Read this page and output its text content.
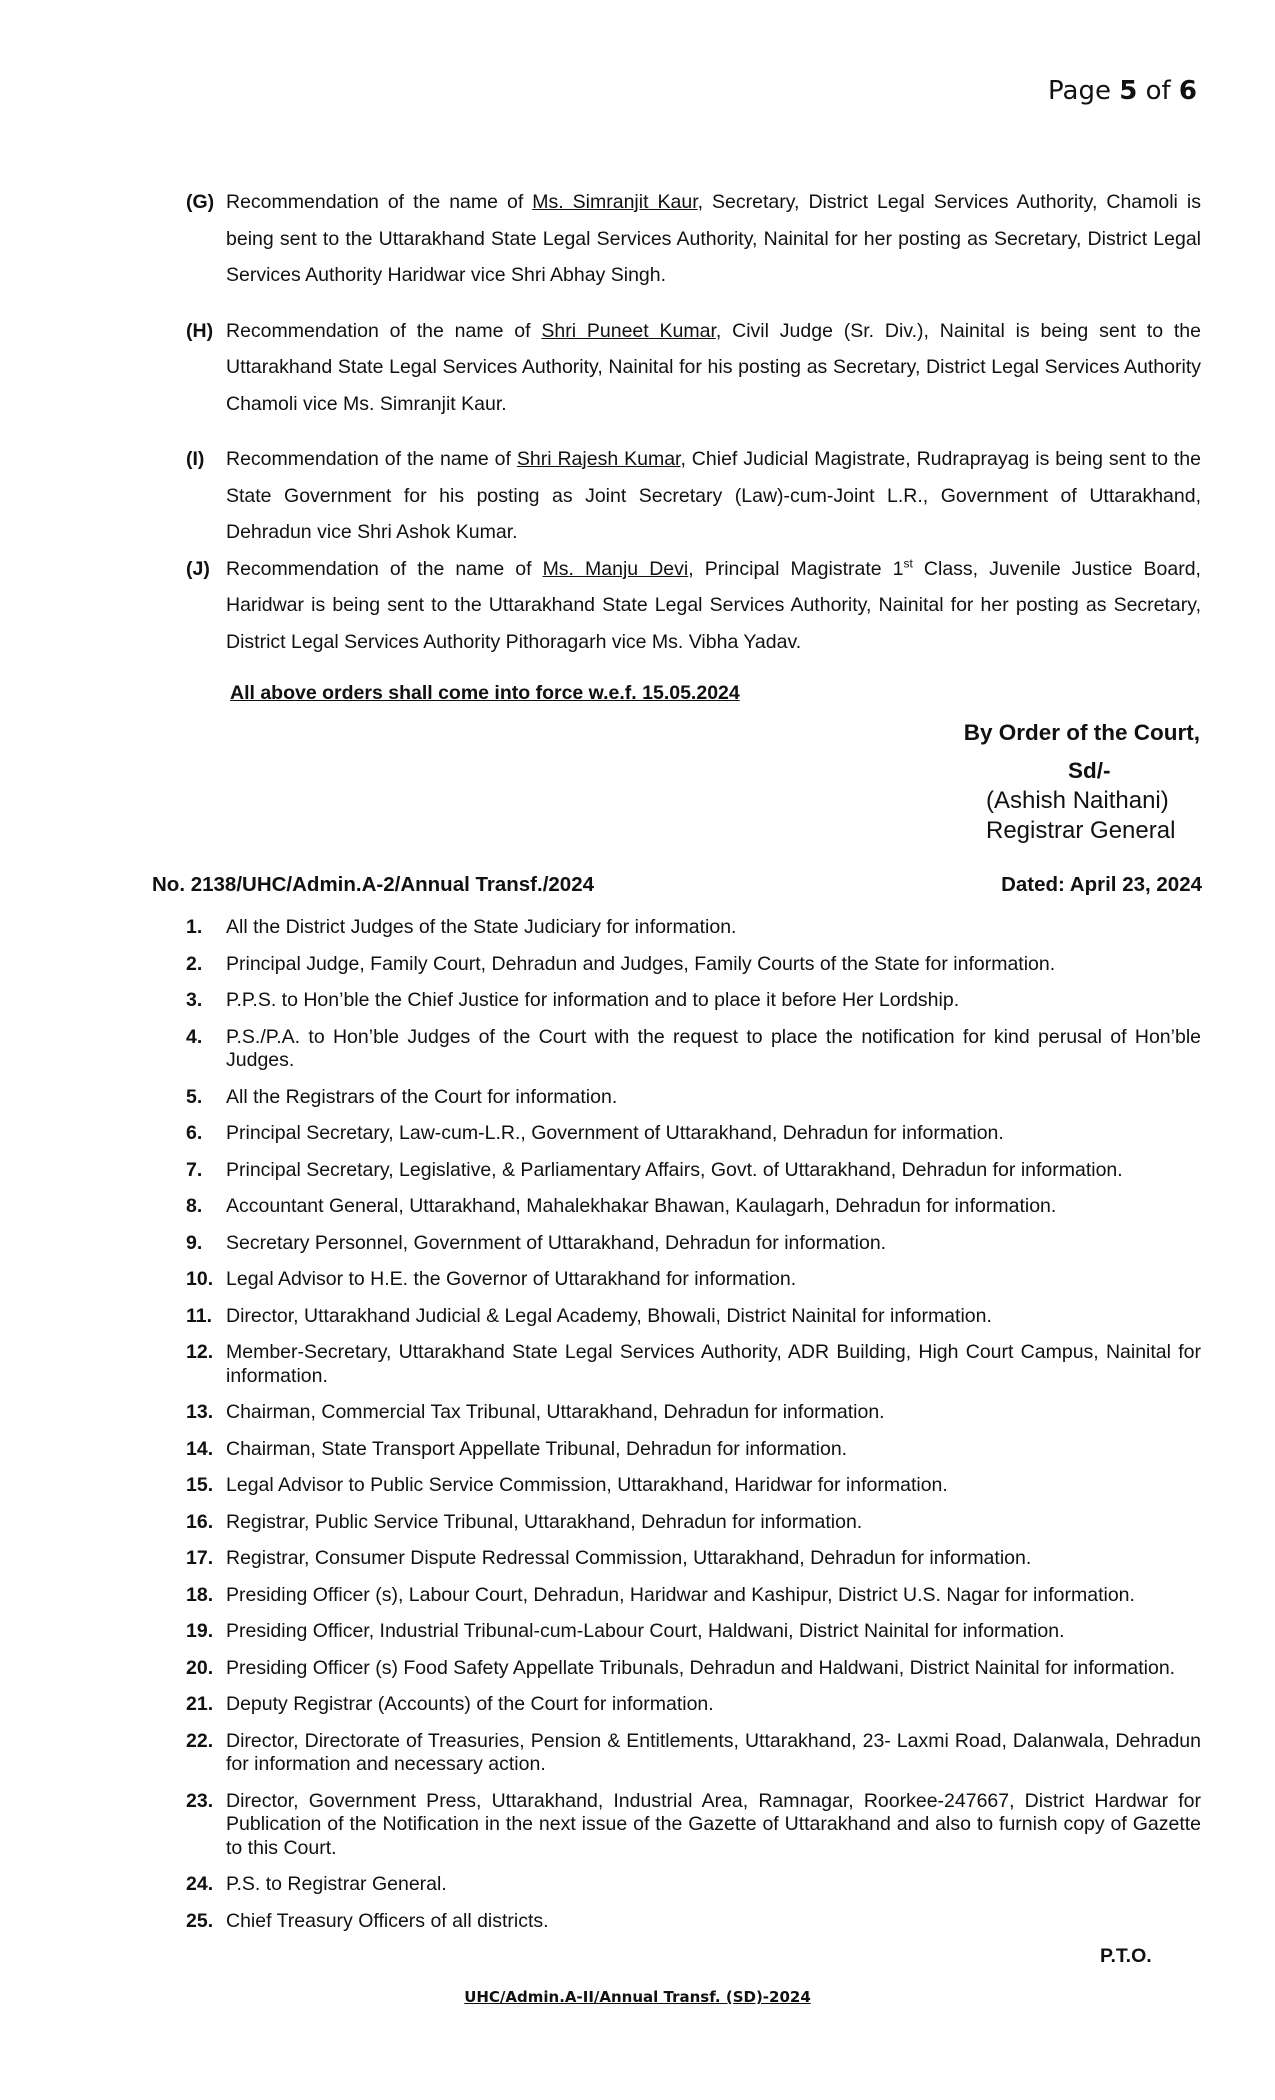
Page 5 of 6
(G) Recommendation of the name of Ms. Simranjit Kaur, Secretary, District Legal Services Authority, Chamoli is being sent to the Uttarakhand State Legal Services Authority, Nainital for her posting as Secretary, District Legal Services Authority Haridwar vice Shri Abhay Singh.
(H) Recommendation of the name of Shri Puneet Kumar, Civil Judge (Sr. Div.), Nainital is being sent to the Uttarakhand State Legal Services Authority, Nainital for his posting as Secretary, District Legal Services Authority Chamoli vice Ms. Simranjit Kaur.
(I)	Recommendation of the name of Shri Rajesh Kumar, Chief Judicial Magistrate, Rudraprayag is being sent to the State Government for his posting as Joint Secretary (Law)-cum-Joint L.R., Government of Uttarakhand, Dehradun vice Shri Ashok Kumar.
(J) Recommendation of the name of Ms. Manju Devi, Principal Magistrate 1st Class, Juvenile Justice Board, Haridwar is being sent to the Uttarakhand State Legal Services Authority, Nainital for her posting as Secretary, District Legal Services Authority Pithoragarh vice Ms. Vibha Yadav.
All above orders shall come into force w.e.f. 15.05.2024
By Order of the Court,
Sd/-
(Ashish Naithani)
Registrar General
No. 2138/UHC/Admin.A-2/Annual Transf./2024	Dated: April 23, 2024
1.	All the District Judges of the State Judiciary for information.
2.	Principal Judge, Family Court, Dehradun and Judges, Family Courts of the State for information.
3.	P.P.S. to Hon’ble the Chief Justice for information and to place it before Her Lordship.
4.	P.S./P.A. to Hon’ble Judges of the Court with the request to place the notification for kind perusal of Hon’ble Judges.
5.	All the Registrars of the Court for information.
6.	Principal Secretary, Law-cum-L.R., Government of Uttarakhand, Dehradun for information.
7.	Principal Secretary, Legislative, & Parliamentary Affairs, Govt. of Uttarakhand, Dehradun for information.
8.	Accountant General, Uttarakhand, Mahalekhakar Bhawan, Kaulagarh, Dehradun for information.
9.	Secretary Personnel, Government of Uttarakhand, Dehradun for information.
10. Legal Advisor to H.E. the Governor of Uttarakhand for information.
11. Director, Uttarakhand Judicial & Legal Academy, Bhowali, District Nainital for information.
12. Member-Secretary, Uttarakhand State Legal Services Authority, ADR Building, High Court Campus, Nainital for information.
13. Chairman, Commercial Tax Tribunal, Uttarakhand, Dehradun for information.
14. Chairman, State Transport Appellate Tribunal, Dehradun for information.
15. Legal Advisor to Public Service Commission, Uttarakhand, Haridwar for information.
16. Registrar, Public Service Tribunal, Uttarakhand, Dehradun for information.
17. Registrar, Consumer Dispute Redressal Commission, Uttarakhand, Dehradun for information.
18. Presiding Officer (s), Labour Court, Dehradun, Haridwar and Kashipur, District U.S. Nagar for information.
19. Presiding Officer, Industrial Tribunal-cum-Labour Court, Haldwani, District Nainital for information.
20. Presiding Officer (s) Food Safety Appellate Tribunals, Dehradun and Haldwani, District Nainital for information.
21. Deputy Registrar (Accounts) of the Court for information.
22. Director, Directorate of Treasuries, Pension & Entitlements, Uttarakhand, 23- Laxmi Road, Dalanwala, Dehradun for information and necessary action.
23. Director, Government Press, Uttarakhand, Industrial Area, Ramnagar, Roorkee-247667, District Hardwar for Publication of the Notification in the next issue of the Gazette of Uttarakhand and also to furnish copy of Gazette to this Court.
24. P.S. to Registrar General.
25. Chief Treasury Officers of all districts.
P.T.O.
UHC/Admin.A-II/Annual Transf. (SD)-2024
